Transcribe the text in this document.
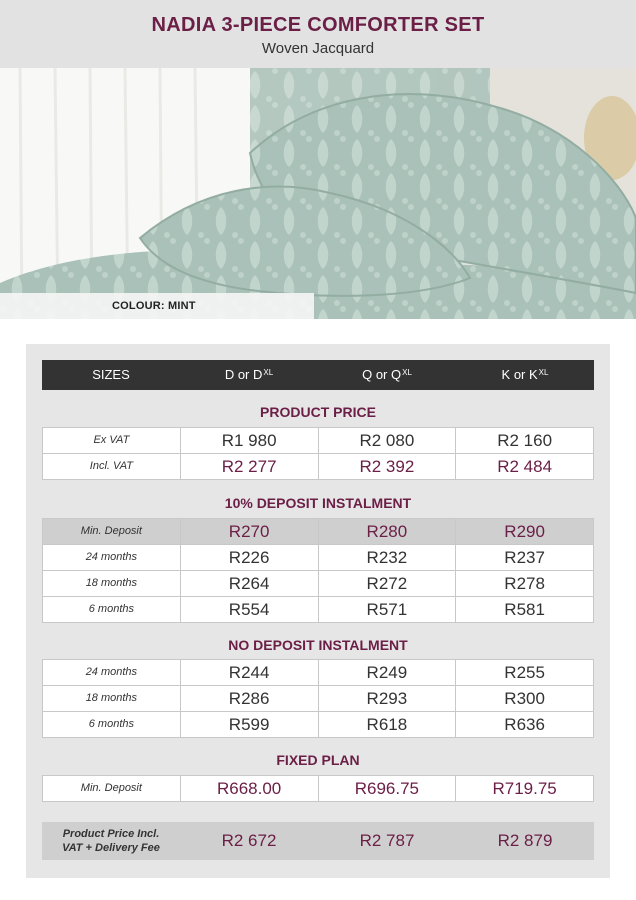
NADIA 3-PIECE COMFORTER SET
Woven Jacquard
COLOUR: MINT
SIZES	D or $D^{XL}$	Q or $Q^{XL}$	K or $K^{XL}$
PRODUCT PRICE
Ex VAT	R1 980	R2 080	R2 160
Incl. VAT	R2 277	R2 392	R2 484
10% DEPOSIT INSTALMENT
Min. Deposit	R270	R280	R290
24 months	R226	R232	R237
18 months	R264	R272	R278
6 months	R554	R571	R581
NO DEPOSIT INSTALMENT
24 months	R244	R249	R255
18 months	R286	R293	R300
6 months	R599	R618	R636
FIXED PLAN
Min. Deposit	R668.00	R696.75	R719.75
Product Price Incl.
VAT + Delivery Fee	R2 672	R2 787	R2 879
